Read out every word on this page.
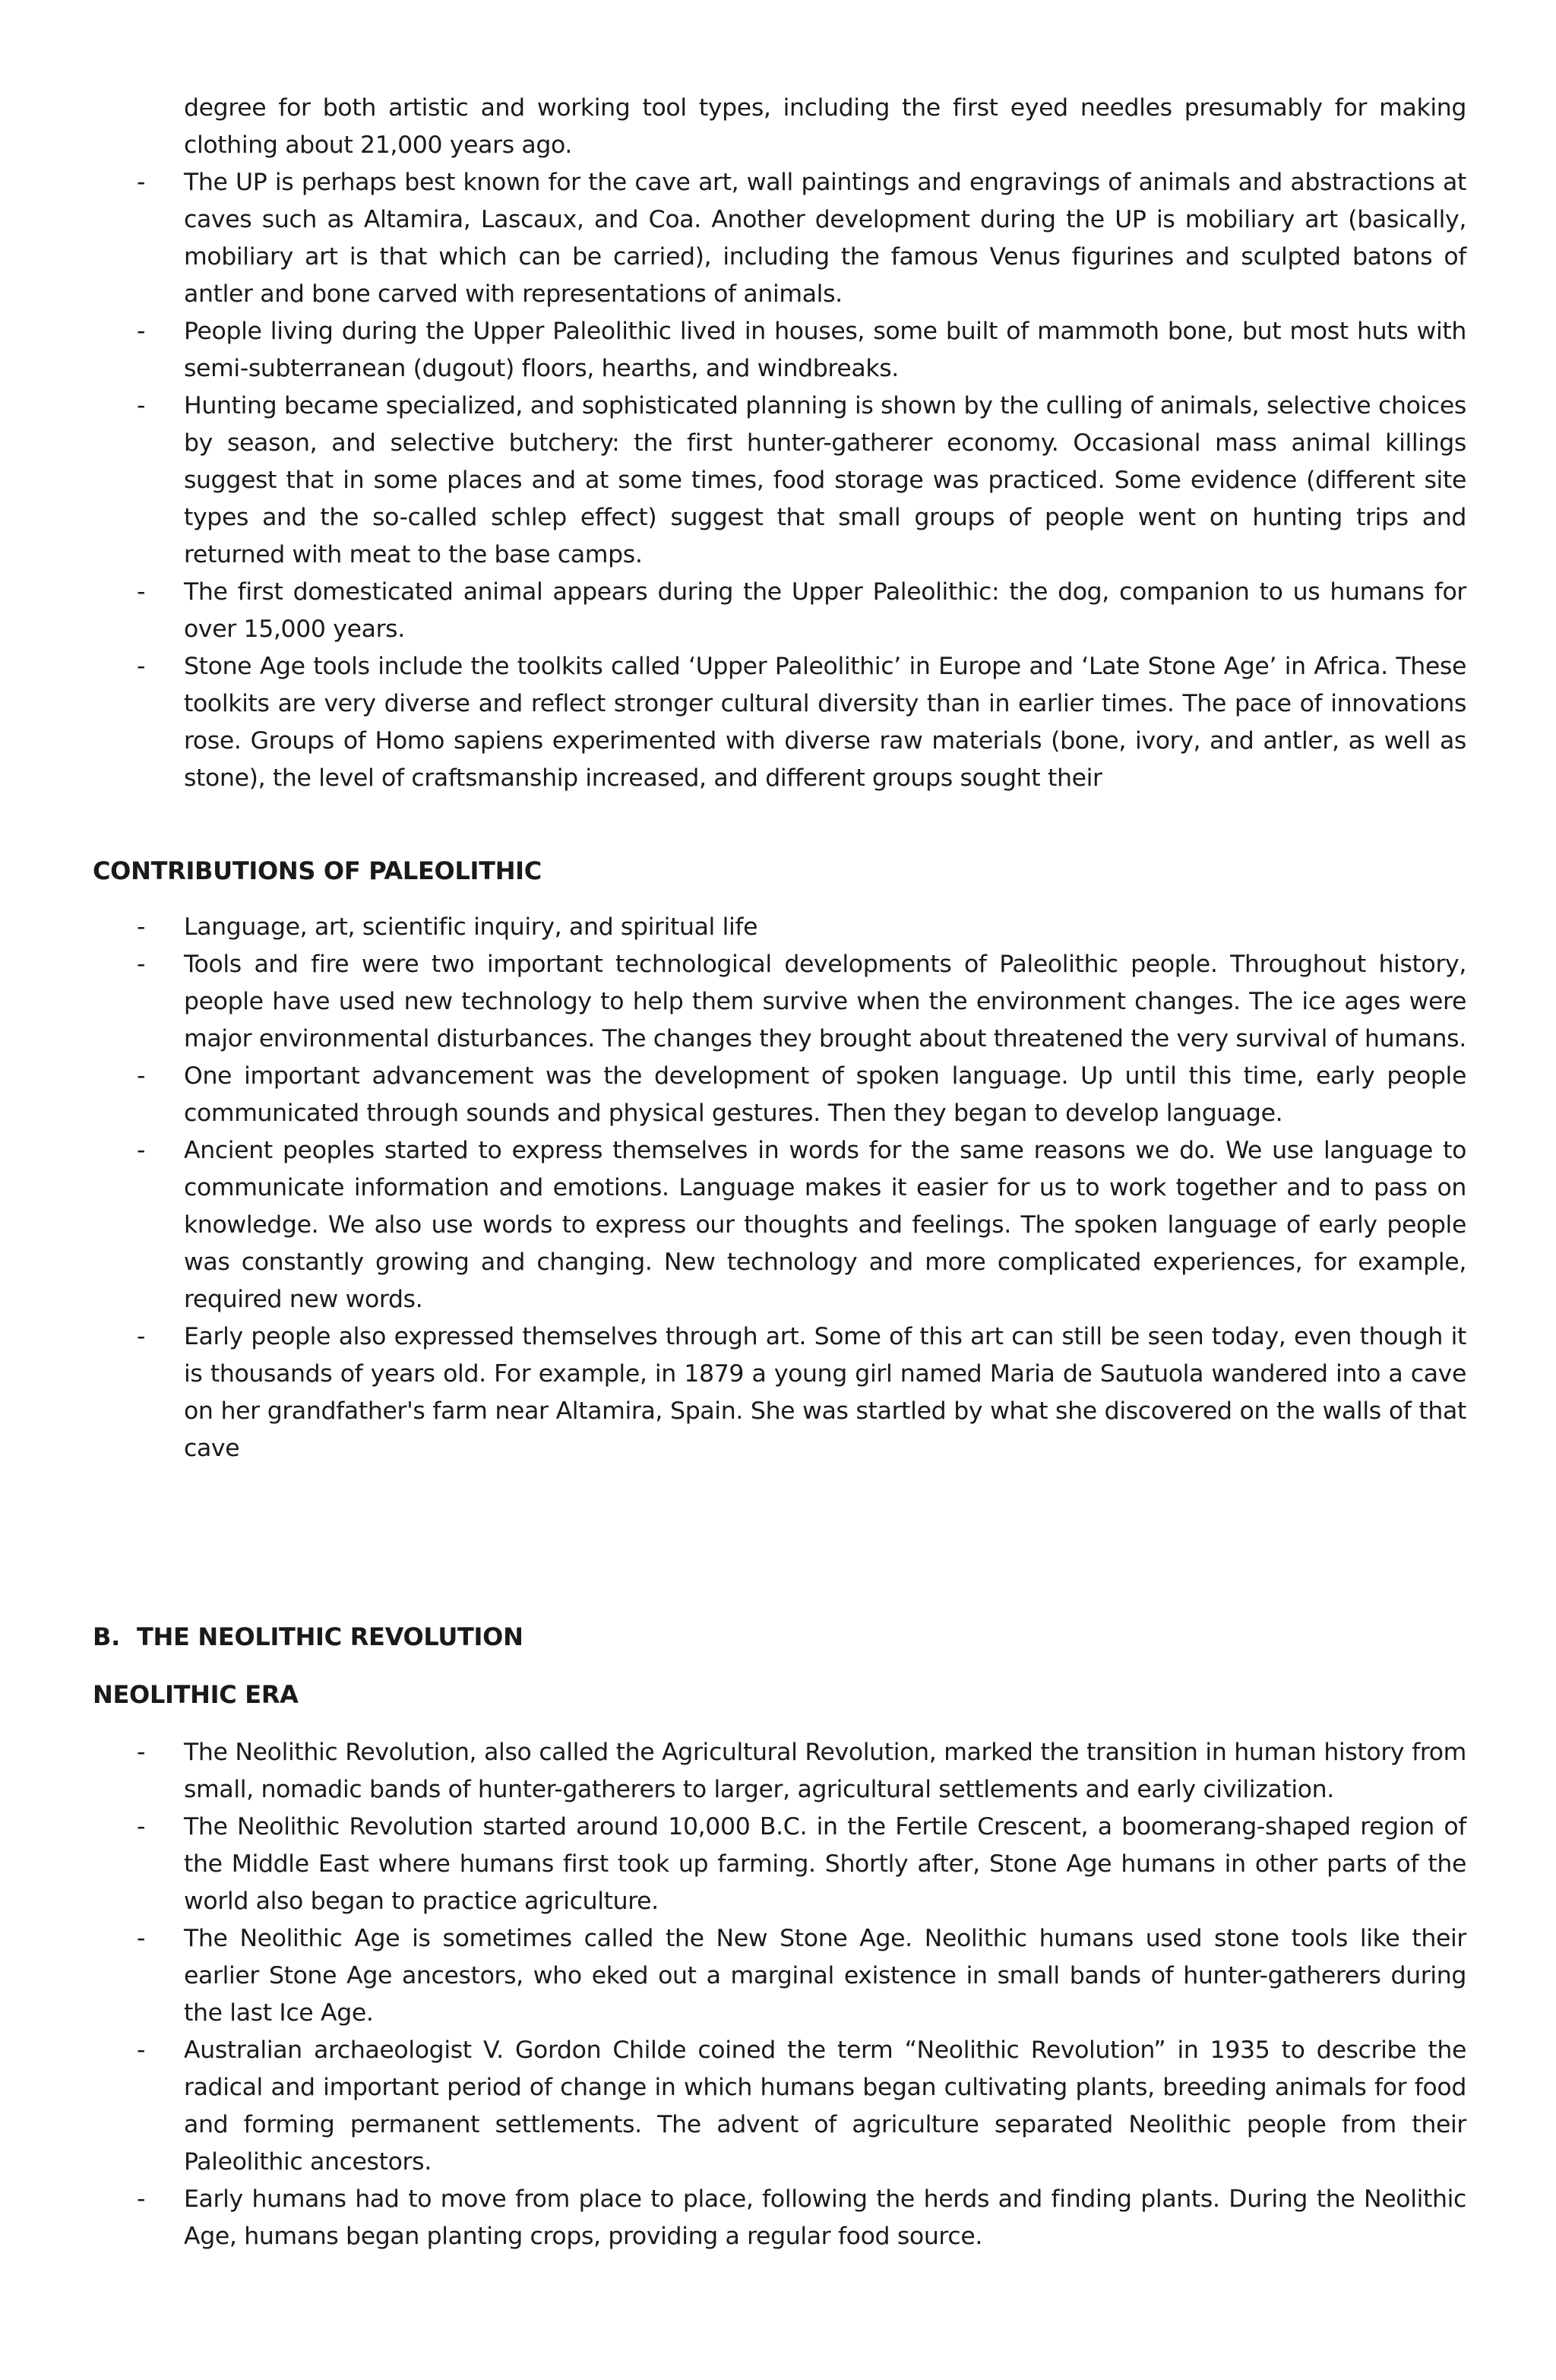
degree for both artistic and working tool types, including the first eyed needles presumably for making clothing about 21,000 years ago.

- The UP is perhaps best known for the cave art, wall paintings and engravings of animals and abstractions at caves such as Altamira, Lascaux, and Coa. Another development during the UP is mobiliary art (basically, mobiliary art is that which can be carried), including the famous Venus figurines and sculpted batons of antler and bone carved with representations of animals.
- People living during the Upper Paleolithic lived in houses, some built of mammoth bone, but most huts with semi-subterranean (dugout) floors, hearths, and windbreaks.
- Hunting became specialized, and sophisticated planning is shown by the culling of animals, selective choices by season, and selective butchery: the first hunter-gatherer economy. Occasional mass animal killings suggest that in some places and at some times, food storage was practiced. Some evidence (different site types and the so-called schlep effect) suggest that small groups of people went on hunting trips and returned with meat to the base camps.
- The first domesticated animal appears during the Upper Paleolithic: the dog, companion to us humans for over 15,000 years.
- Stone Age tools include the toolkits called ‘Upper Paleolithic’ in Europe and ‘Late Stone Age’ in Africa. These toolkits are very diverse and reflect stronger cultural diversity than in earlier times. The pace of innovations rose. Groups of Homo sapiens experimented with diverse raw materials (bone, ivory, and antler, as well as stone), the level of craftsmanship increased, and different groups sought their
CONTRIBUTIONS OF PALEOLITHIC
- Language, art, scientific inquiry, and spiritual life
- Tools and fire were two important technological developments of Paleolithic people. Throughout history, people have used new technology to help them survive when the environment changes. The ice ages were major environmental disturbances. The changes they brought about threatened the very survival of humans.
- One important advancement was the development of spoken language. Up until this time, early people communicated through sounds and physical gestures. Then they began to develop language.
- Ancient peoples started to express themselves in words for the same reasons we do. We use language to communicate information and emotions. Language makes it easier for us to work together and to pass on knowledge. We also use words to express our thoughts and feelings. The spoken language of early people was constantly growing and changing. New technology and more complicated experiences, for example, required new words.
- Early people also expressed themselves through art. Some of this art can still be seen today, even though it is thousands of years old. For example, in 1879 a young girl named Maria de Sautuola wandered into a cave on her grandfather's farm near Altamira, Spain. She was startled by what she discovered on the walls of that cave
B. THE NEOLITHIC REVOLUTION
NEOLITHIC ERA
- The Neolithic Revolution, also called the Agricultural Revolution, marked the transition in human history from small, nomadic bands of hunter-gatherers to larger, agricultural settlements and early civilization.
- The Neolithic Revolution started around 10,000 B.C. in the Fertile Crescent, a boomerang-shaped region of the Middle East where humans first took up farming. Shortly after, Stone Age humans in other parts of the world also began to practice agriculture.
- The Neolithic Age is sometimes called the New Stone Age. Neolithic humans used stone tools like their earlier Stone Age ancestors, who eked out a marginal existence in small bands of hunter-gatherers during the last Ice Age.
- Australian archaeologist V. Gordon Childe coined the term “Neolithic Revolution” in 1935 to describe the radical and important period of change in which humans began cultivating plants, breeding animals for food and forming permanent settlements. The advent of agriculture separated Neolithic people from their Paleolithic ancestors.
- Early humans had to move from place to place, following the herds and finding plants. During the Neolithic Age, humans began planting crops, providing a regular food source.
